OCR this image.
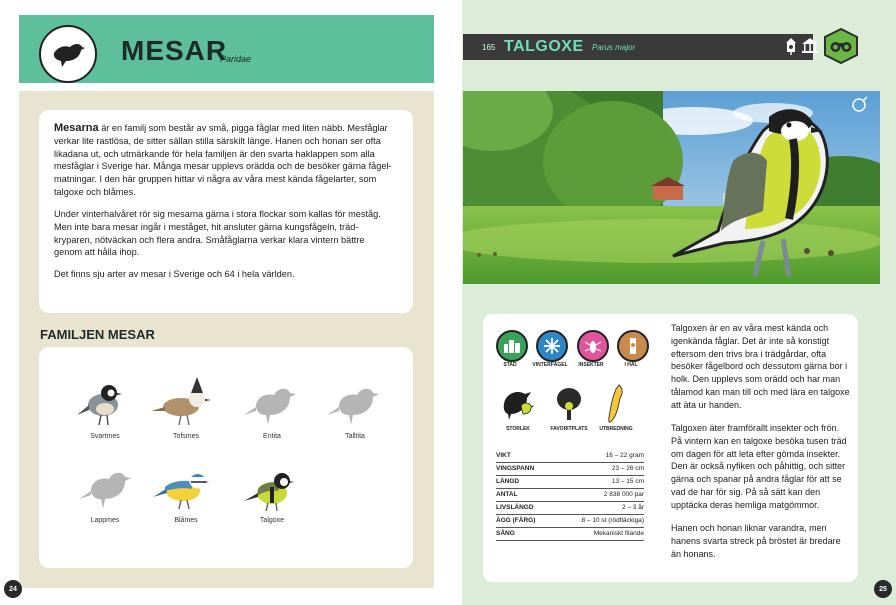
MESAR
Paridae

Mesarna är en familj som består av små, pigga fåglar med liten näbb. Mesfåglar verkar lite rastlösa, de sitter sällan stilla särskilt länge. Hanen och honan ser ofta likadana ut, och utmärkande för hela familjen är den svarta haklappen som alla mesfåglar i Sverige har. Många mesar upplevs orädda och de besöker gärna fågel-matningar. I den här gruppen hittar vi några av våra mest kända fågelarter, som talgoxe och blåmes.

Under vinterhalvåret rör sig mesarna gärna i stora flockar som kallas för meståg. Men inte bara mesar ingår i meståget, hit ansluter gärna kungsfågeln, träd-kryparen, nötväckan och flera andra. Småfåglarna verkar klara vintern bättre genom att hålla ihop.

Det finns sju arter av mesar i Sverige och 64 i hela världen.

FAMILJEN MESAR
Svartmes	Tofsmes	Entita	Talltita
Lappmes	Blåmes	Talgoxe
24
165 TALGOXE Parus major
STAD	VINTERFÅGEL	INSEKTER	I HÅL
STORLEK	FAVORITPLATS	UTBREDNING
VIKT	16 – 22 gram
VINGSPANN	23 – 26 cm
LÄNGD	13 – 15 cm
ANTAL	2 838 000 par
LIVSLÄNGD	2 – 3 år
ÄGG (FÄRG)	8 – 10 st (rödfläckiga)
SÅNG	Mekaniskt filande

Talgoxen är en av våra mest kända och igenkända fåglar. Det är inte så konstigt eftersom den trivs bra i trädgårdar, ofta besöker fågelbord och dessutom gärna bor i holk. Den upplevs som orädd och har man tålamod kan man till och med lära en talgoxe att äta ur handen.

Talgoxen äter framförallt insekter och frön. På vintern kan en talgoxe besöka tusen träd om dagen för att leta efter gömda insekter. Den är också nyfiken och påhittig, och sitter gärna och spanar på andra fåglar för att se vad de har för sig. På så sätt kan den upptäcka deras hemliga matgömmor.

Hanen och honan liknar varandra, men hanens svarta streck på bröstet är bredare än honans.

25
